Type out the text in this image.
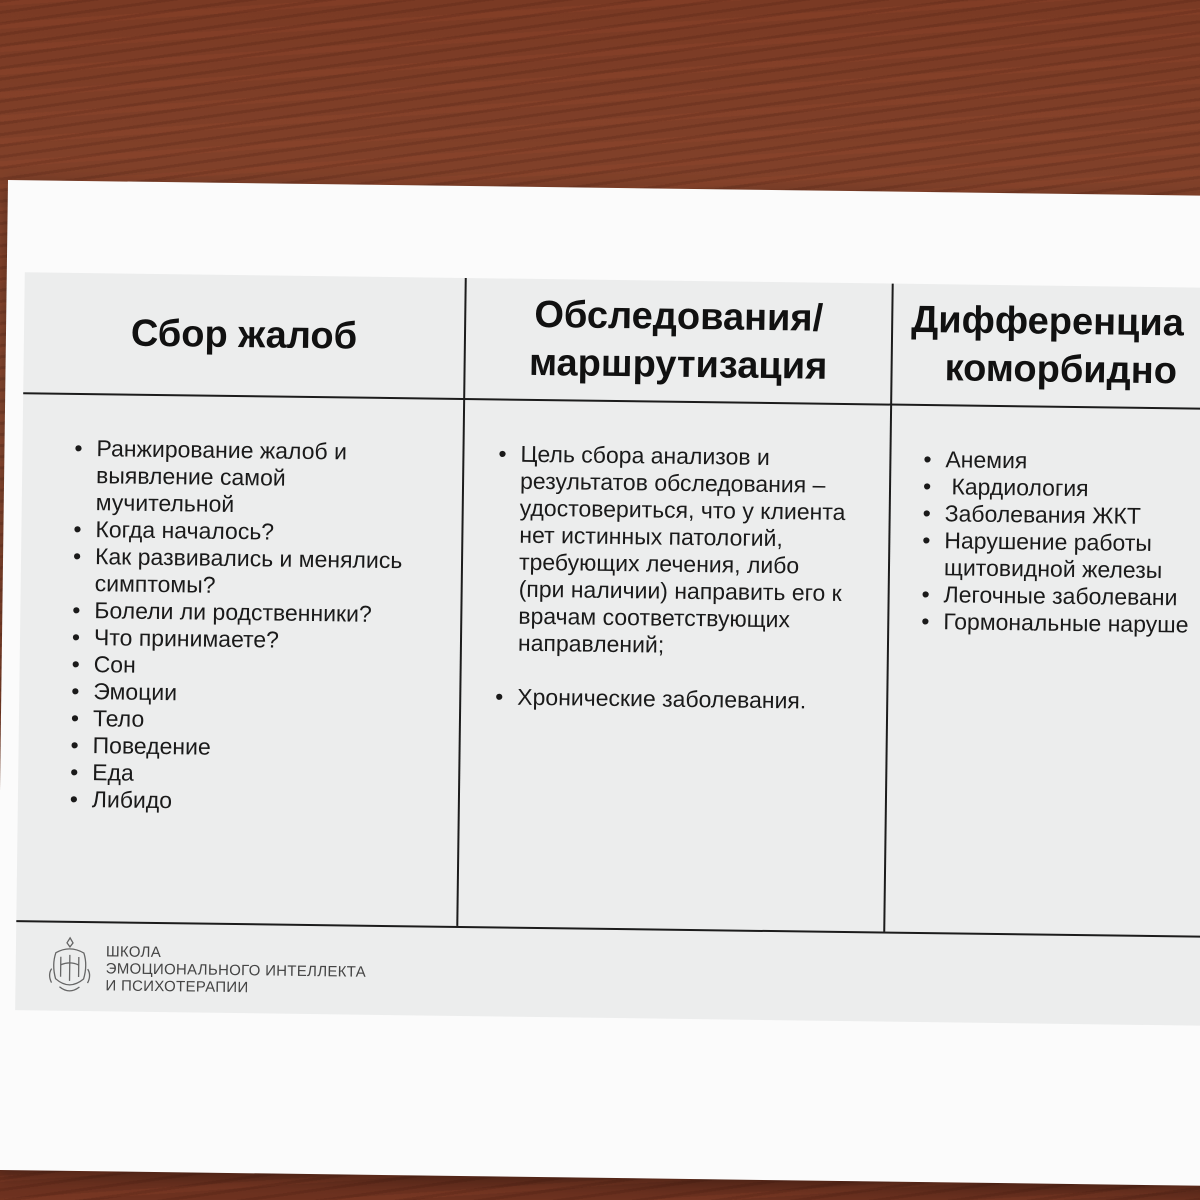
Сбор жалоб
• Ранжирование жалоб и
выявление самой
мучительной
• Когда началось?
• Как развивались и менялись
симптомы?
• Болели ли родственники?
• Что принимаете?
• Сон
• Эмоции
• Тело
• Поведение
• Еда
• Либидо
Обследования/
маршрутизация
• Цель сбора анализов и
результатов обследования –
удостовериться, что у клиента
нет истинных патологий,
требующих лечения, либо
(при наличии) направить его к
врачам соответствующих
направлений;
• Хронические заболевания.
Дифференциа
коморбидно
• Анемия
• Кардиология
• Заболевания ЖКТ
• Нарушение работы
щитовидной железы
• Легочные заболевани
• Гормональные наруше
ШКОЛА
ЭМОЦИОНАЛЬНОГО ИНТЕЛЛЕКТА
И ПСИХОТЕРАПИИ
